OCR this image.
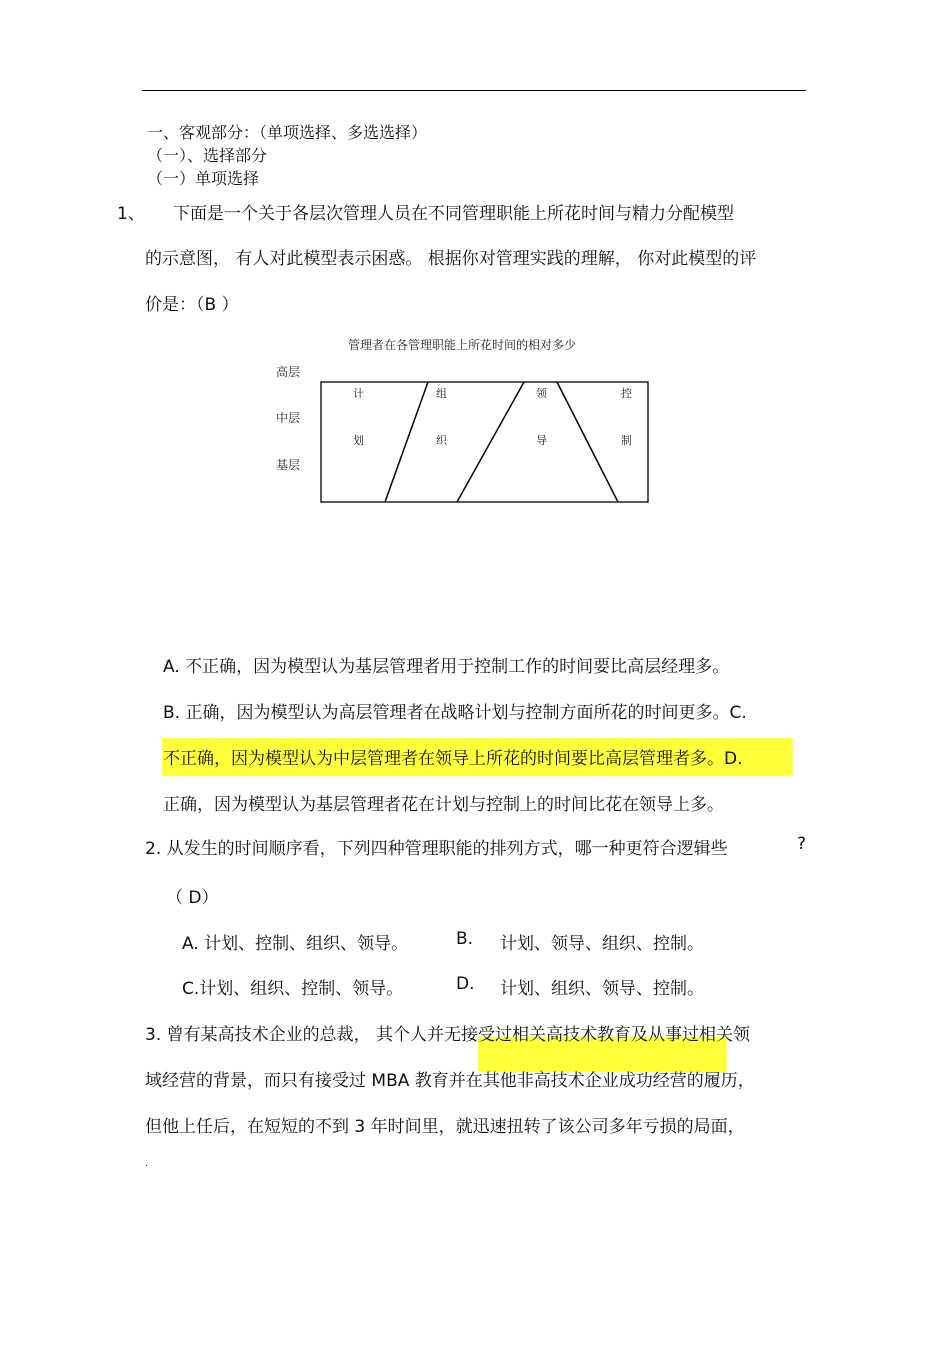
一、客观部分：（单项选择、多选选择）
（一）、选择部分
（一）单项选择
1、 下面是一个关于各层次管理人员在不同管理职能上所花时间与精力分配模型
的示意图， 有人对此模型表示困惑。 根据你对管理实践的理解， 你对此模型的评
价是：（B ）
管理者在各管理职能上所花时间的相对多少
高层
中层
基层
计
划
组
织
领
导
控
制
A. 不正确，因为模型认为基层管理者用于控制工作的时间要比高层经理多。
B. 正确，因为模型认为高层管理者在战略计划与控制方面所花的时间更多。C.
不正确，因为模型认为中层管理者在领导上所花的时间要比高层管理者多。D.
正确，因为模型认为基层管理者花在计划与控制上的时间比花在领导上多。
2. 从发生的时间顺序看，下列四种管理职能的排列方式，哪一种更符合逻辑些	?
（ D）
A. 计划、控制、组织、领导。	B. 计划、领导、组织、控制。
C.计划、组织、控制、领导。	D. 计划、组织、领导、控制。
3. 曾有某高技术企业的总裁， 其个人并无接受过相关高技术教育及从事过相关领
域经营的背景，而只有接受过 MBA 教育并在其他非高技术企业成功经营的履历，
但他上任后，在短短的不到 3 年时间里，就迅速扭转了该公司多年亏损的局面，
.
